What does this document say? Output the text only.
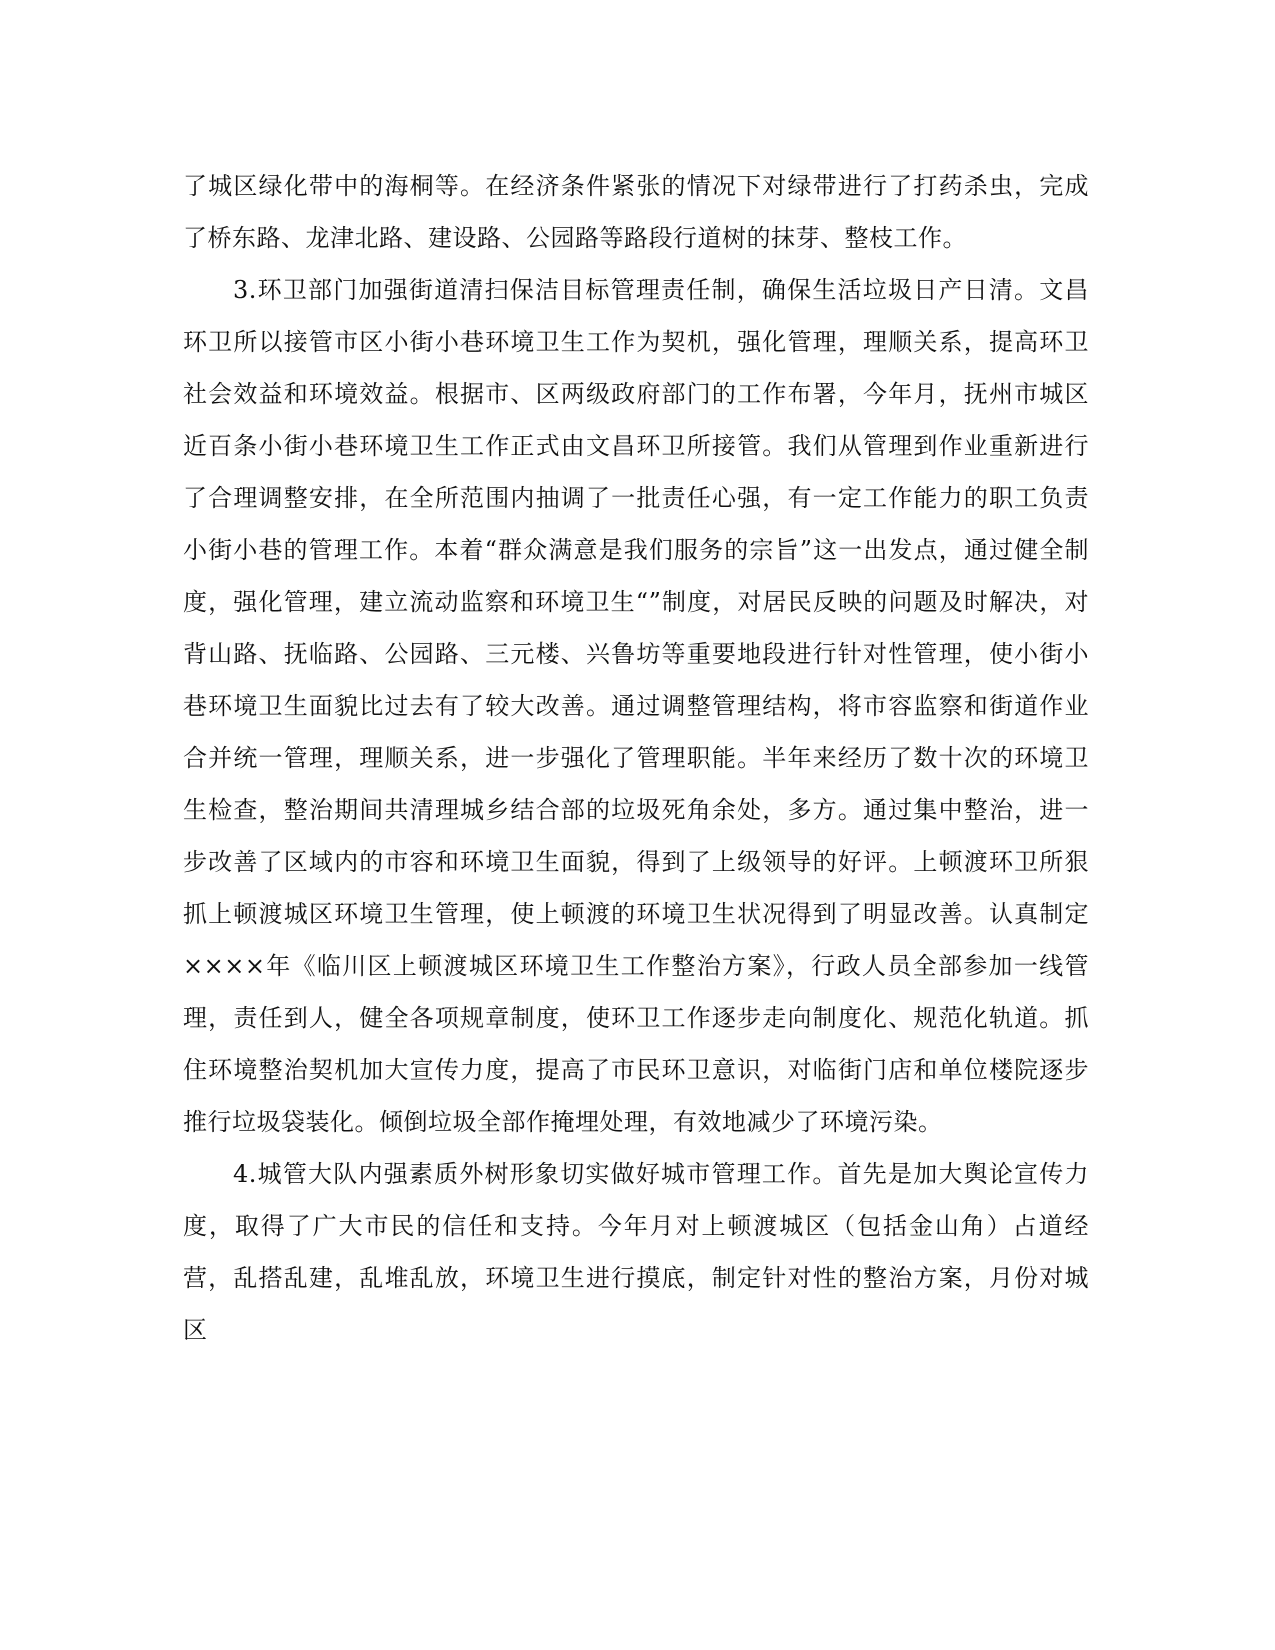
了城区绿化带中的海桐等。在经济条件紧张的情况下对绿带进行了打药杀虫，完成了桥东路、龙津北路、建设路、公园路等路段行道树的抹芽、整枝工作。

3.环卫部门加强街道清扫保洁目标管理责任制，确保生活垃圾日产日清。文昌环卫所以接管市区小街小巷环境卫生工作为契机，强化管理，理顺关系，提高环卫社会效益和环境效益。根据市、区两级政府部门的工作布署，今年月，抚州市城区近百条小街小巷环境卫生工作正式由文昌环卫所接管。我们从管理到作业重新进行了合理调整安排，在全所范围内抽调了一批责任心强，有一定工作能力的职工负责小街小巷的管理工作。本着“群众满意是我们服务的宗旨”这一出发点，通过健全制度，强化管理，建立流动监察和环境卫生“”制度，对居民反映的问题及时解决，对背山路、抚临路、公园路、三元楼、兴鲁坊等重要地段进行针对性管理，使小街小巷环境卫生面貌比过去有了较大改善。通过调整管理结构，将市容监察和街道作业合并统一管理，理顺关系，进一步强化了管理职能。半年来经历了数十次的环境卫生检查，整治期间共清理城乡结合部的垃圾死角余处，多方。通过集中整治，进一步改善了区域内的市容和环境卫生面貌，得到了上级领导的好评。上顿渡环卫所狠抓上顿渡城区环境卫生管理，使上顿渡的环境卫生状况得到了明显改善。认真制定××××年《临川区上顿渡城区环境卫生工作整治方案》，行政人员全部参加一线管理，责任到人，健全各项规章制度，使环卫工作逐步走向制度化、规范化轨道。抓住环境整治契机加大宣传力度，提高了市民环卫意识，对临街门店和单位楼院逐步推行垃圾袋装化。倾倒垃圾全部作掩埋处理，有效地减少了环境污染。

4.城管大队内强素质外树形象切实做好城市管理工作。首先是加大舆论宣传力度，取得了广大市民的信任和支持。今年月对上顿渡城区（包括金山角）占道经营，乱搭乱建，乱堆乱放，环境卫生进行摸底，制定针对性的整治方案，月份对城区
